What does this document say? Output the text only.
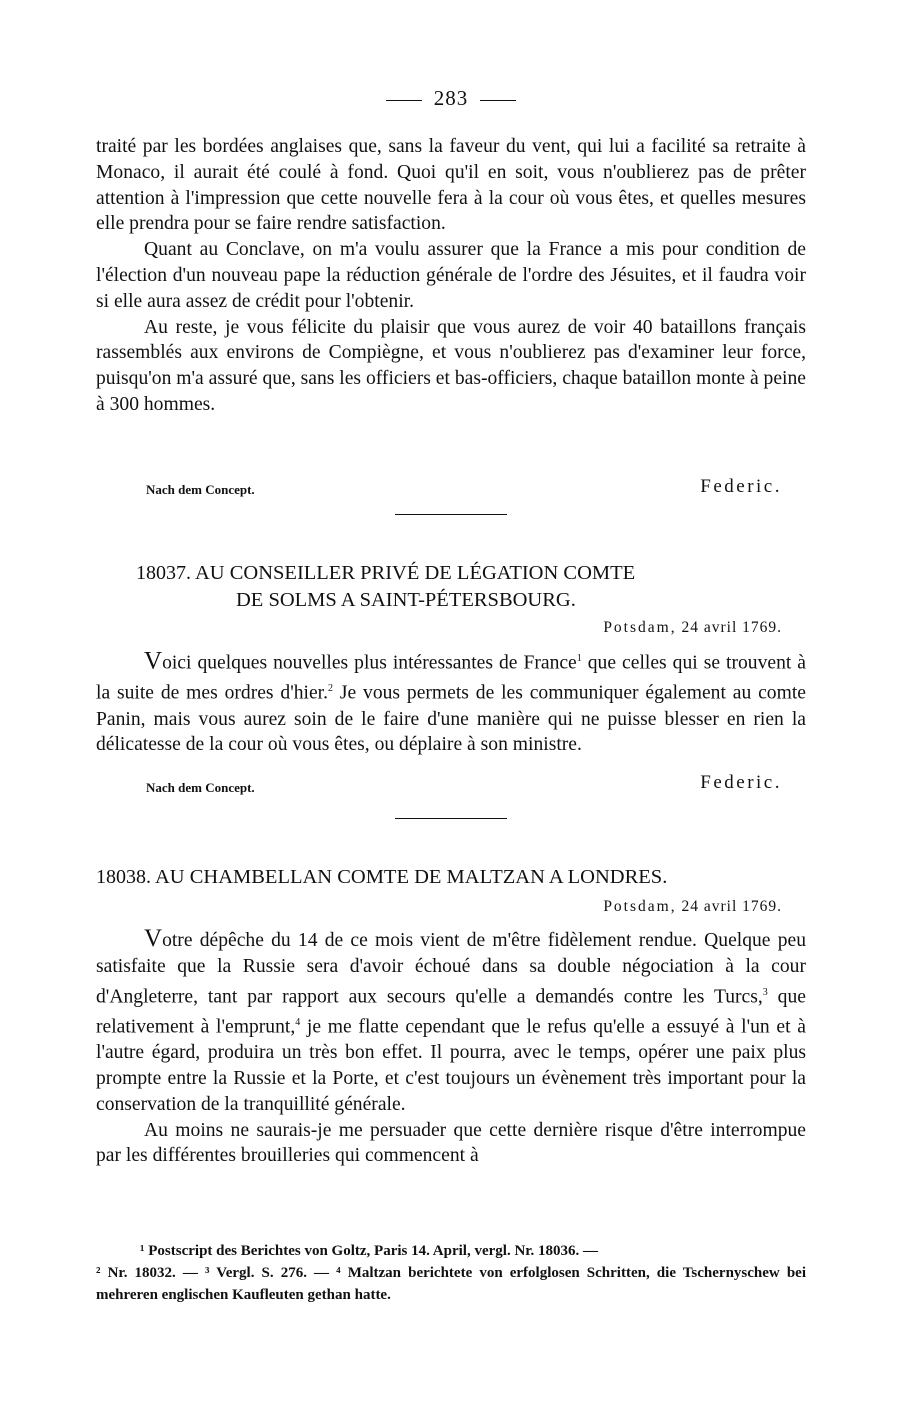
283

traité par les bordées anglaises que, sans la faveur du vent, qui lui a facilité sa retraite à Monaco, il aurait été coulé à fond. Quoi qu'il en soit, vous n'oublierez pas de prêter attention à l'impression que cette nouvelle fera à la cour où vous êtes, et quelles mesures elle prendra pour se faire rendre satisfaction.

Quant au Conclave, on m'a voulu assurer que la France a mis pour condition de l'élection d'un nouveau pape la réduction générale de l'ordre des Jésuites, et il faudra voir si elle aura assez de crédit pour l'obtenir.

Au reste, je vous félicite du plaisir que vous aurez de voir 40 bataillons français rassemblés aux environs de Compiègne, et vous n'oublierez pas d'examiner leur force, puisqu'on m'a assuré que, sans les officiers et bas-officiers, chaque bataillon monte à peine à 300 hommes.

Nach dem Concept.	Federic.
18037. AU CONSEILLER PRIVÉ DE LÉGATION COMTE
DE SOLMS A SAINT-PÉTERSBOURG.
Potsdam, 24 avril 1769.

Voici quelques nouvelles plus intéressantes de France$^1$ que celles qui se trouvent à la suite de mes ordres d'hier.$^2$ Je vous permets de les communiquer également au comte Panin, mais vous aurez soin de le faire d'une manière qui ne puisse blesser en rien la délicatesse de la cour où vous êtes, ou déplaire à son ministre.

Nach dem Concept.	Federic.
18038. AU CHAMBELLAN COMTE DE MALTZAN A LONDRES.
Potsdam, 24 avril 1769.

Votre dépêche du 14 de ce mois vient de m'être fidèlement rendue. Quelque peu satisfaite que la Russie sera d'avoir échoué dans sa double négociation à la cour d'Angleterre, tant par rapport aux secours qu'elle a demandés contre les Turcs,$^3$ que relativement à l'emprunt,$^4$ je me flatte cependant que le refus qu'elle a essuyé à l'un et à l'autre égard, produira un très bon effet. Il pourra, avec le temps, opérer une paix plus prompte entre la Russie et la Porte, et c'est toujours un évènement très important pour la conservation de la tranquillité générale.

Au moins ne saurais-je me persuader que cette dernière risque d'être interrompue par les différentes brouilleries qui commencent à

¹ Postscript des Berichtes von Goltz, Paris 14. April, vergl. Nr. 18036. —

² Nr. 18032. — ³ Vergl. S. 276. — ⁴ Maltzan berichtete von erfolglosen Schritten, die Tschernyschew bei mehreren englischen Kaufleuten gethan hatte.
